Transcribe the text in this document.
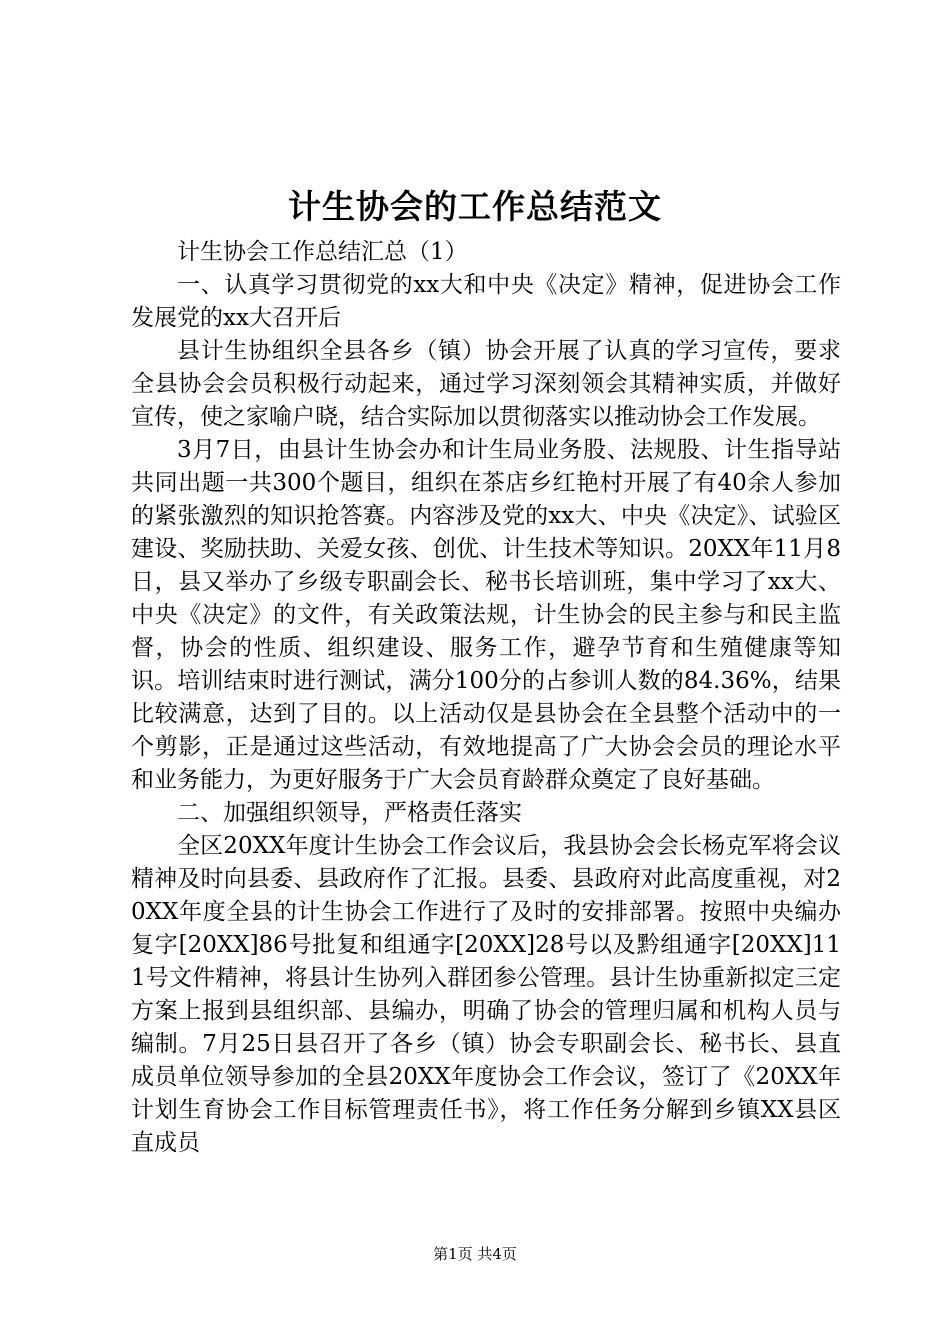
计生协会的工作总结范文

计生协会工作总结汇总（1）

一、认真学习贯彻党的xx大和中央《决定》精神，促进协会工作发展党的xx大召开后

县计生协组织全县各乡（镇）协会开展了认真的学习宣传，要求全县协会会员积极行动起来，通过学习深刻领会其精神实质，并做好宣传，使之家喻户晓，结合实际加以贯彻落实以推动协会工作发展。

3月7日，由县计生协会办和计生局业务股、法规股、计生指导站共同出题一共300个题目，组织在茶店乡红艳村开展了有40余人参加的紧张激烈的知识抢答赛。内容涉及党的xx大、中央《决定》、试验区建设、奖励扶助、关爱女孩、创优、计生技术等知识。20XX年11月8日，县又举办了乡级专职副会长、秘书长培训班，集中学习了xx大、中央《决定》的文件，有关政策法规，计生协会的民主参与和民主监督，协会的性质、组织建设、服务工作，避孕节育和生殖健康等知识。培训结束时进行测试，满分100分的占参训人数的84.36%，结果比较满意，达到了目的。以上活动仅是县协会在全县整个活动中的一个剪影，正是通过这些活动，有效地提高了广大协会会员的理论水平和业务能力，为更好服务于广大会员育龄群众奠定了良好基础。

二、加强组织领导，严格责任落实

全区20XX年度计生协会工作会议后，我县协会会长杨克军将会议精神及时向县委、县政府作了汇报。县委、县政府对此高度重视，对20XX年度全县的计生协会工作进行了及时的安排部署。按照中央编办复字[20XX]86号批复和组通字[20XX]28号以及黔组通字[20XX]111号文件精神，将县计生协列入群团参公管理。县计生协重新拟定三定方案上报到县组织部、县编办，明确了协会的管理归属和机构人员与编制。7月25日县召开了各乡（镇）协会专职副会长、秘书长、县直成员单位领导参加的全县20XX年度协会工作会议，签订了《20XX年计划生育协会工作目标管理责任书》，将工作任务分解到乡镇XX县区直成员

第1页 共4页
